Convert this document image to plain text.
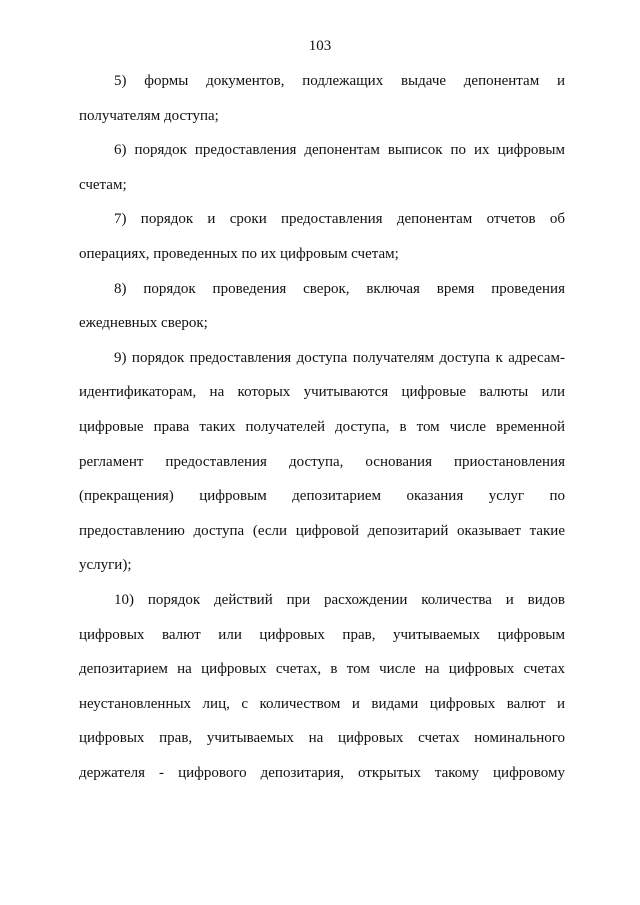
103
5) формы документов, подлежащих выдаче депонентам и
получателям доступа;
6) порядок предоставления депонентам выписок по их цифровым
счетам;
7) порядок и сроки предоставления депонентам отчетов об
операциях, проведенных по их цифровым счетам;
8) порядок проведения сверок, включая время проведения
ежедневных сверок;
9) порядок предоставления доступа получателям доступа к адресам-
идентификаторам, на которых учитываются цифровые валюты или
цифровые права таких получателей доступа, в том числе временной
регламент предоставления доступа, основания приостановления
(прекращения) цифровым депозитарием оказания услуг по
предоставлению доступа (если цифровой депозитарий оказывает такие
услуги);
10) порядок действий при расхождении количества и видов
цифровых валют или цифровых прав, учитываемых цифровым
депозитарием на цифровых счетах, в том числе на цифровых счетах
неустановленных лиц, с количеством и видами цифровых валют и
цифровых прав, учитываемых на цифровых счетах номинального
держателя - цифрового депозитария, открытых такому цифровому
